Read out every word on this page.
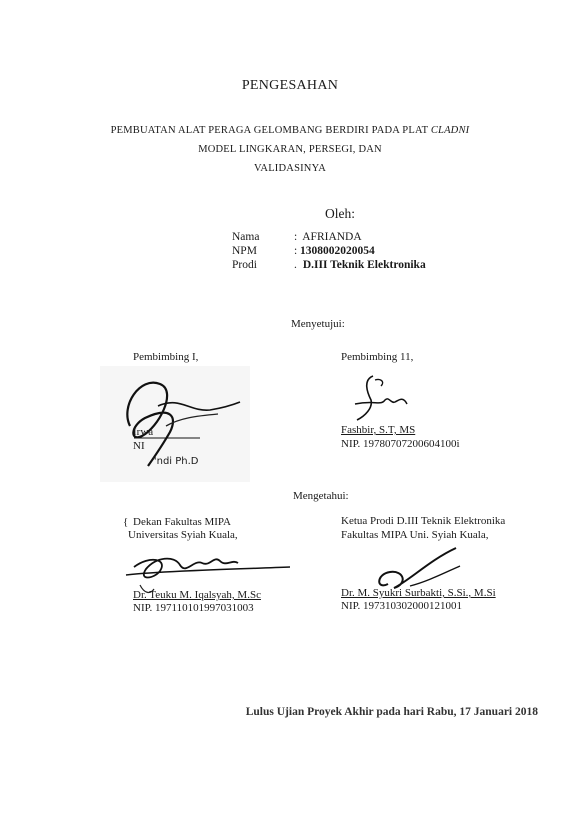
PENGESAHAN
PEMBUATAN ALAT PERAGA GELOMBANG BERDIRI PADA PLAT CLADNI
MODEL LINGKARAN, PERSEGI, DAN
VALIDASINYA
Oleh:
Nama	: AFRIANDA
NPM	: 1308002020054
Prodi	. D.III Teknik Elektronika
Menyetujui:
Pembimbing I,
Irwa
NI
"ndi Ph.D
Pembimbing 11,
Fashbir, S.T, MS
NIP. 19780707200604100i
Mengetahui:
{ Dekan Fakultas MIPA
Universitas Syiah Kuala,
Dr. Teuku M. Iqalsyah, M.Sc
NIP. 197110101997031003
Ketua Prodi D.III Teknik Elektronika
Fakultas MIPA Uni. Syiah Kuala,
Dr. M. Syukri Surbakti, S.Si., M.Si
NIP. 197310302000121001
Lulus Ujian Proyek Akhir pada hari Rabu, 17 Januari 2018
